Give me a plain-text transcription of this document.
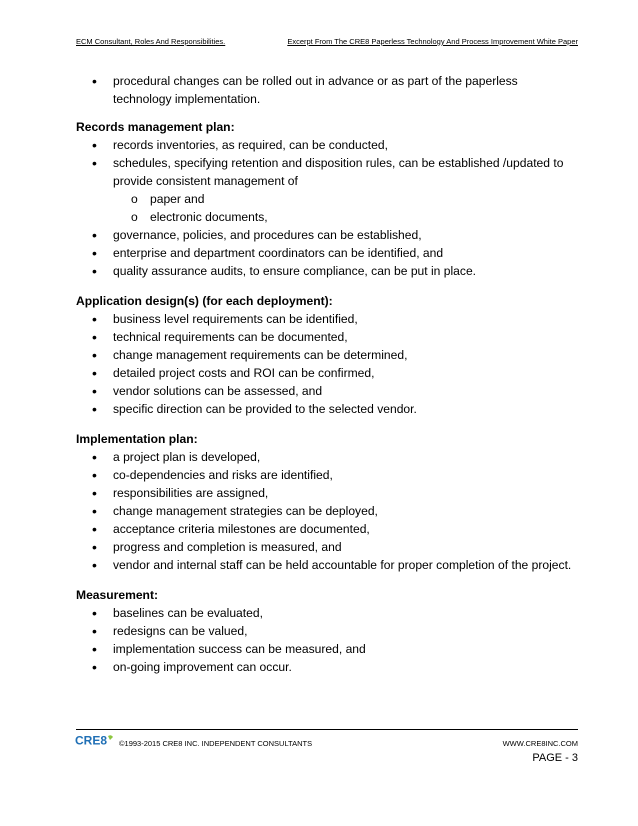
ECM Consultant, Roles And Responsibilities.	Excerpt From The CRE8 Paperless Technology And Process Improvement White Paper
• procedural changes can be rolled out in advance or as part of the paperless technology implementation.
Records management plan:
• records inventories, as required, can be conducted,
• schedules, specifying retention and disposition rules, can be established /updated to provide consistent management of
o paper and
o electronic documents,
• governance, policies, and procedures can be established,
• enterprise and department coordinators can be identified, and
• quality assurance audits, to ensure compliance, can be put in place.
Application design(s) (for each deployment):
• business level requirements can be identified,
• technical requirements can be documented,
• change management requirements can be determined,
• detailed project costs and ROI can be confirmed,
• vendor solutions can be assessed, and
• specific direction can be provided to the selected vendor.
Implementation plan:
• a project plan is developed,
• co-dependencies and risks are identified,
• responsibilities are assigned,
• change management strategies can be deployed,
• acceptance criteria milestones are documented,
• progress and completion is measured, and
• vendor and internal staff can be held accountable for proper completion of the project.
Measurement:
• baselines can be evaluated,
• redesigns can be valued,
• implementation success can be measured, and
• on-going improvement can occur.
CRE8 ©1993-2015 CRE8 INC. INDEPENDENT CONSULTANTS	WWW.CRE8INC.COM
PAGE - 3
